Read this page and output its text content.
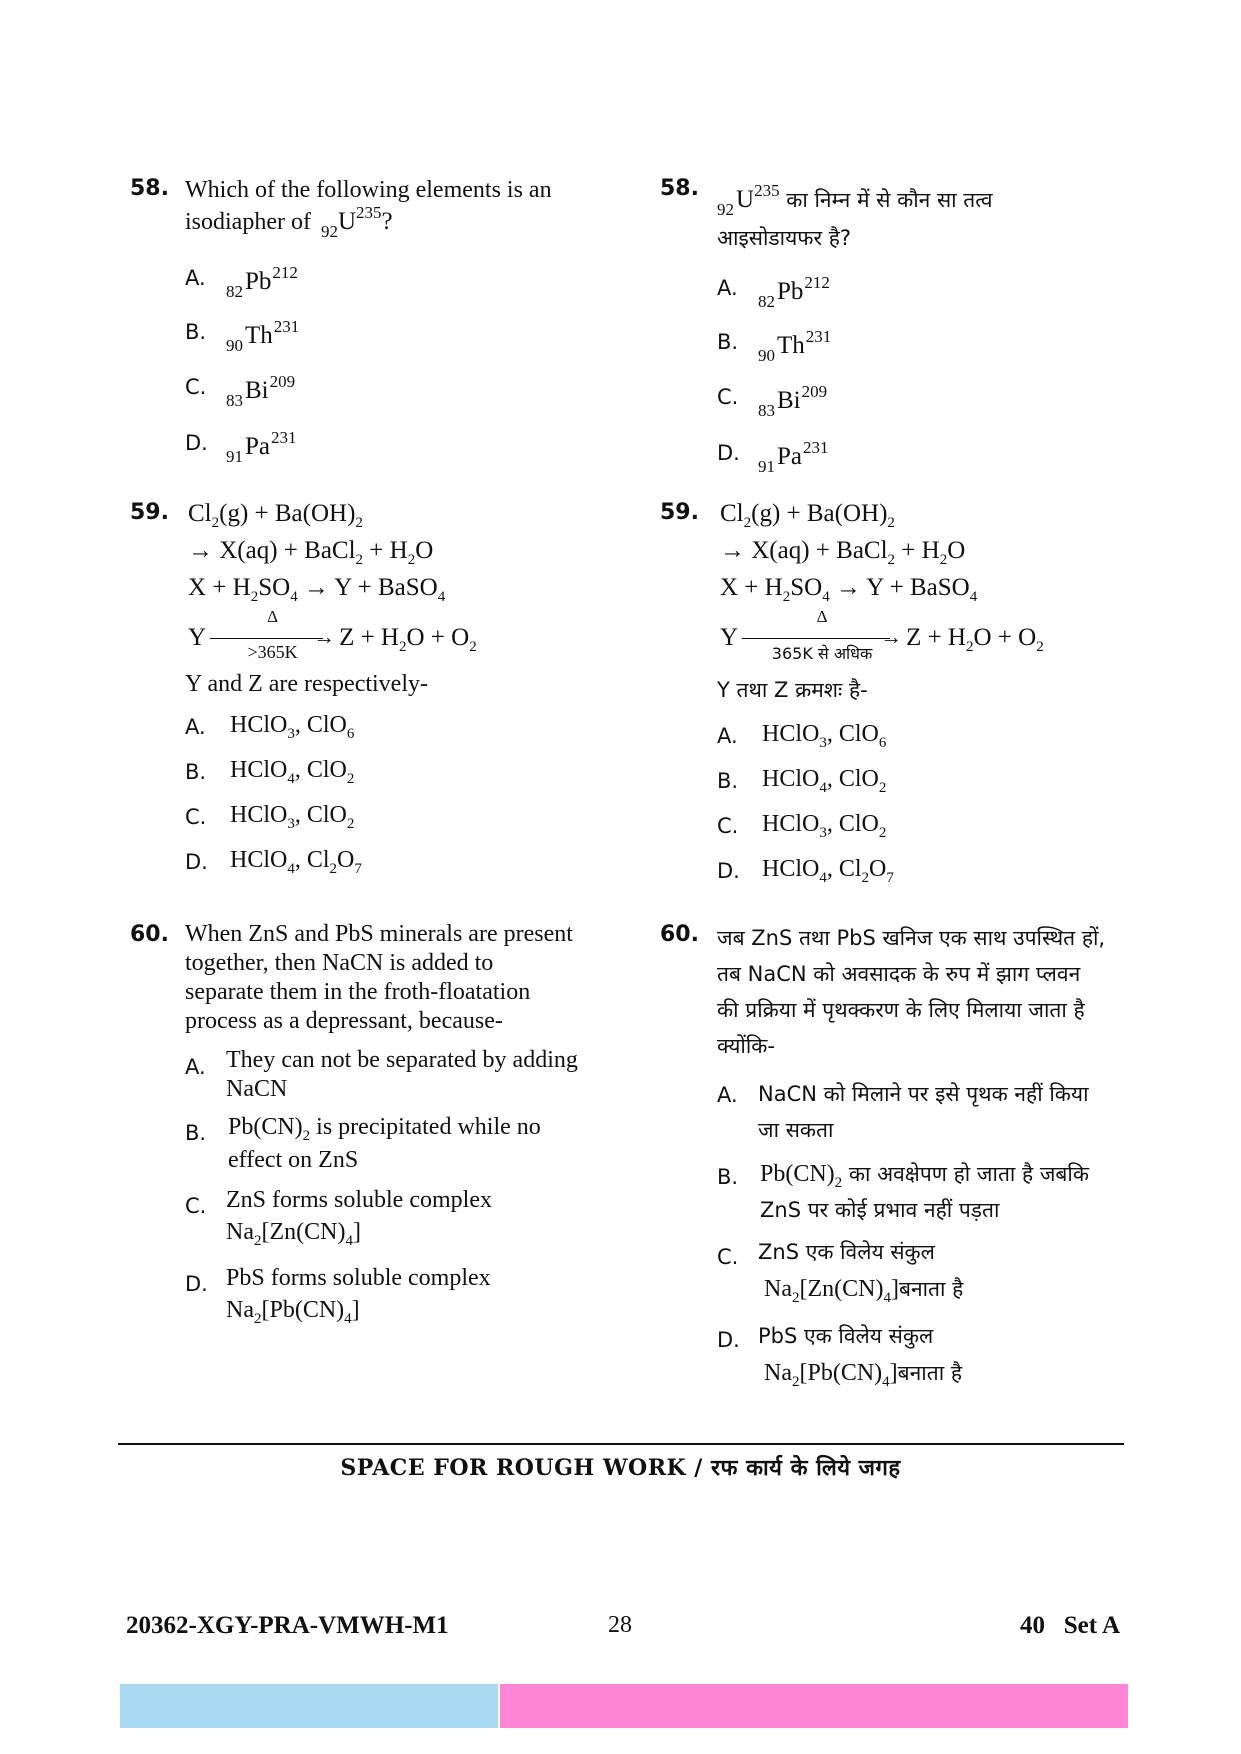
58. Which of the following elements is an
isodiapher of $_{92}U^{235}$?
A.
$_{82}Pb^{212}$
B.
$_{90}Th^{231}$
C.
$_{83}Bi^{209}$
D.
$_{91}Pa^{231}$
59. $Cl_2(g) + Ba(OH)_2$
→ X(aq) + BaCl$_2$ + $H_2O$
$X + H_2SO_4 \to Y$ + BaSO$_4$
Y	→
Δ
>365K
$Z + H_2O + O_2$
Y and Z are respectively-
A. HClO$_3$, ClO$_6$
B. HClO$_4$, ClO$_2$
C. HClO$_3$, ClO$_2$
D. HClO$_4$, $Cl_2O_7$
60. When ZnS and PbS minerals are present
together, then NaCN is added to
separate them in the froth-floatation
process as a depressant, because-
A. They can not be separated by adding
NaCN
B. $Pb(CN)_2$ is precipitated while no
effect on ZnS
C. ZnS forms soluble complex
$Na_2[Zn(CN)_4]$
D. PbS forms soluble complex
$Na_2[Pb(CN)_4]$
58.
$_{92}U^{235}$ का निम्न में से कौन सा तत्व
आइसोडायफर है?
A.
$_{82}Pb^{212}$
B.
$_{90}Th^{231}$
C.
$_{83}Bi^{209}$
D.
$_{91}Pa^{231}$
59. $Cl_2(g) + Ba(OH)_2$
→ X(aq) + BaCl$_2$ + $H_2O$
$X + H_2SO_4 \to Y$ + BaSO$_4$
Y	→
Δ
365K से अधिक
$Z + H_2O + O_2$
Y तथा Z क्रमशः है-
A. HClO$_3$, ClO$_6$
B. HClO$_4$, ClO$_2$
C. HClO$_3$, ClO$_2$
D. HClO$_4$, $Cl_2O_7$
60. जब ZnS तथा PbS खनिज एक साथ उपस्थित हों,
तब NaCN को अवसादक के रुप में झाग प्लवन
की प्रक्रिया में पृथक्करण के लिए मिलाया जाता है
क्योंकि-
A. NaCN को मिलाने पर इसे पृथक नहीं किया
जा सकता
B. $Pb(CN)_2$ का अवक्षेपण हो जाता है जबकि
ZnS पर कोई प्रभाव नहीं पड़ता
C. ZnS एक विलेय संकुल
$Na_2[Zn(CN)_4]बनाता$ है
D. PbS एक विलेय संकुल
$Na_2[Pb(CN)_4]बनाता$ है
SPACE FOR ROUGH WORK / रफ कार्य के लिये जगह
20362-XGY-PRA-VMWH-M1	28	40   Set A
